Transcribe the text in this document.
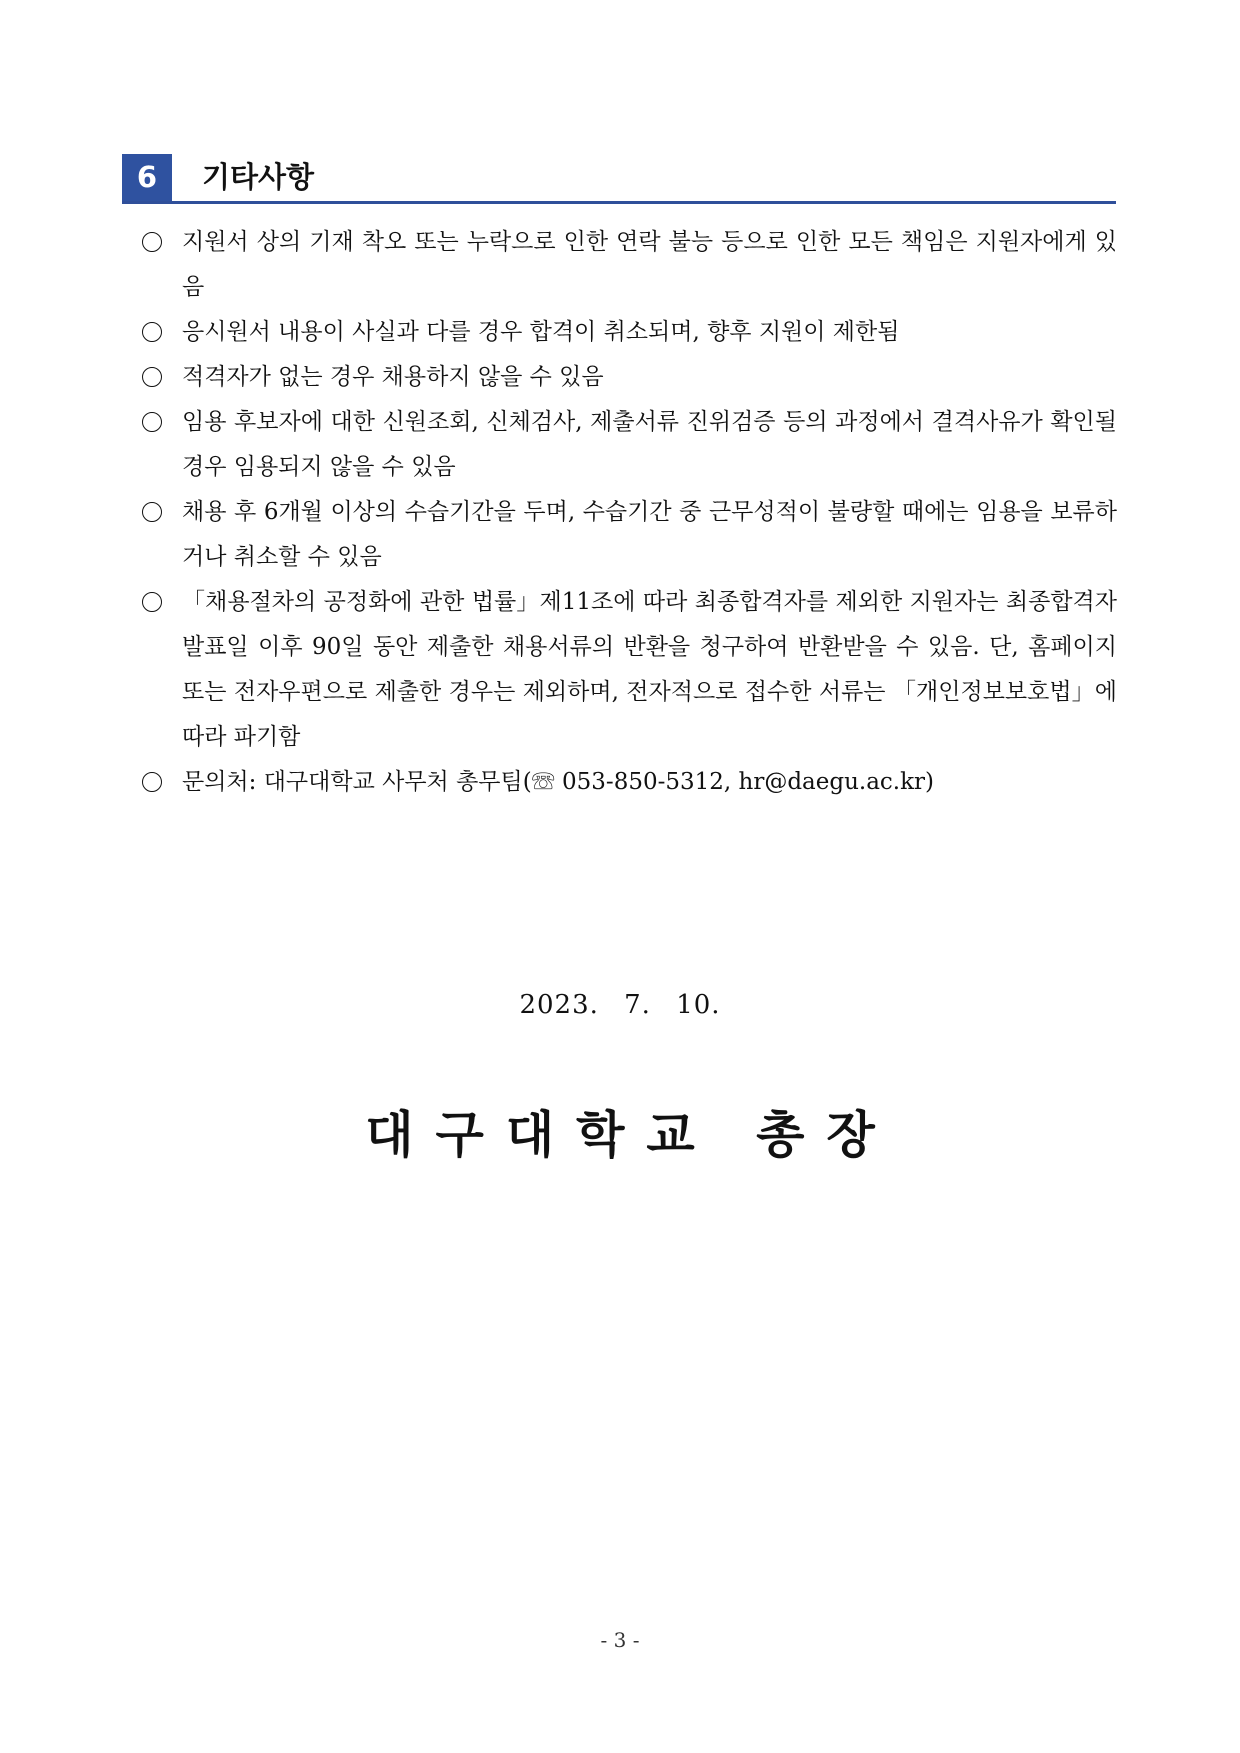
6	기타사항
지원서 상의 기재 착오 또는 누락으로 인한 연락 불능 등으로 인한 모든 책임은 지원자에게 있음
응시원서 내용이 사실과 다를 경우 합격이 취소되며, 향후 지원이 제한됨
적격자가 없는 경우 채용하지 않을 수 있음
임용 후보자에 대한 신원조회, 신체검사, 제출서류 진위검증 등의 과정에서 결격사유가 확인될 경우 임용되지 않을 수 있음
채용 후 6개월 이상의 수습기간을 두며, 수습기간 중 근무성적이 불량할 때에는 임용을 보류하거나 취소할 수 있음
「채용절차의 공정화에 관한 법률」제11조에 따라 최종합격자를 제외한 지원자는 최종합격자 발표일 이후 90일 동안 제출한 채용서류의 반환을 청구하여 반환받을 수 있음. 단, 홈페이지 또는 전자우편으로 제출한 경우는 제외하며, 전자적으로 접수한 서류는 「개인정보보호법」에 따라 파기함
문의처: 대구대학교 사무처 총무팀(☏ 053-850-5312, hr@daegu.ac.kr)
2023. 7. 10.
대구대학교 총장
- 3 -
